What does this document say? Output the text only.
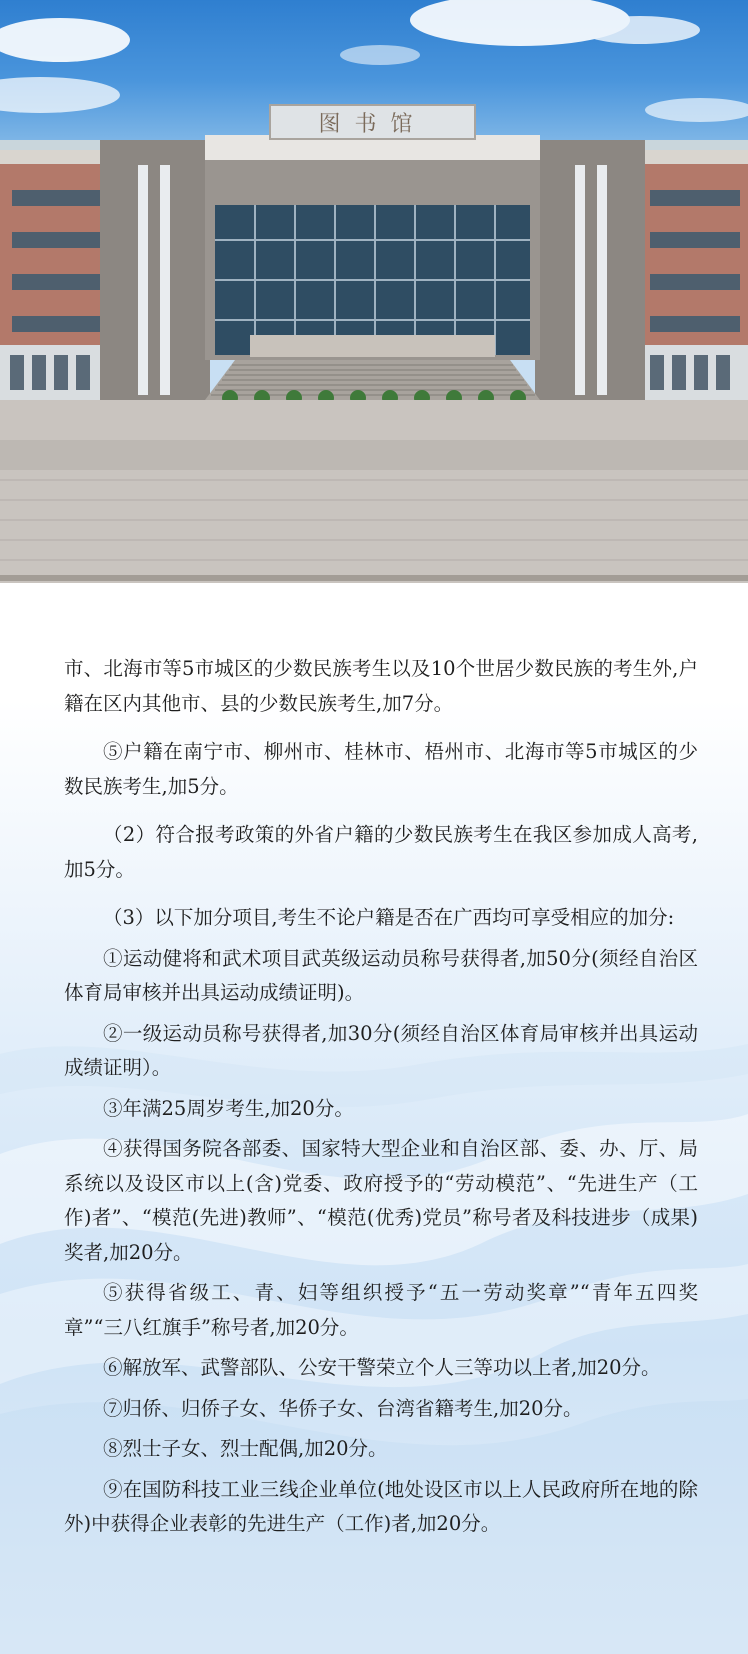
图书馆

市、北海市等5市城区的少数民族考生以及10个世居少数民族的考生外,户籍在区内其他市、县的少数民族考生,加7分。

⑤户籍在南宁市、柳州市、桂林市、梧州市、北海市等5市城区的少数民族考生,加5分。

（2）符合报考政策的外省户籍的少数民族考生在我区参加成人高考,加5分。

（3）以下加分项目,考生不论户籍是否在广西均可享受相应的加分:

①运动健将和武术项目武英级运动员称号获得者,加50分(须经自治区体育局审核并出具运动成绩证明)。

②一级运动员称号获得者,加30分(须经自治区体育局审核并出具运动成绩证明）。

③年满25周岁考生,加20分。

④获得国务院各部委、国家特大型企业和自治区部、委、办、厅、局系统以及设区市以上(含)党委、政府授予的“劳动模范”、“先进生产（工作)者”、“模范(先进)教师”、“模范(优秀)党员”称号者及科技进步（成果)奖者,加20分。

⑤获得省级工、青、妇等组织授予“五一劳动奖章”“青年五四奖章”“三八红旗手”称号者,加20分。

⑥解放军、武警部队、公安干警荣立个人三等功以上者,加20分。

⑦归侨、归侨子女、华侨子女、台湾省籍考生,加20分。

⑧烈士子女、烈士配偶,加20分。

⑨在国防科技工业三线企业单位(地处设区市以上人民政府所在地的除外)中获得企业表彰的先进生产（工作)者,加20分。
